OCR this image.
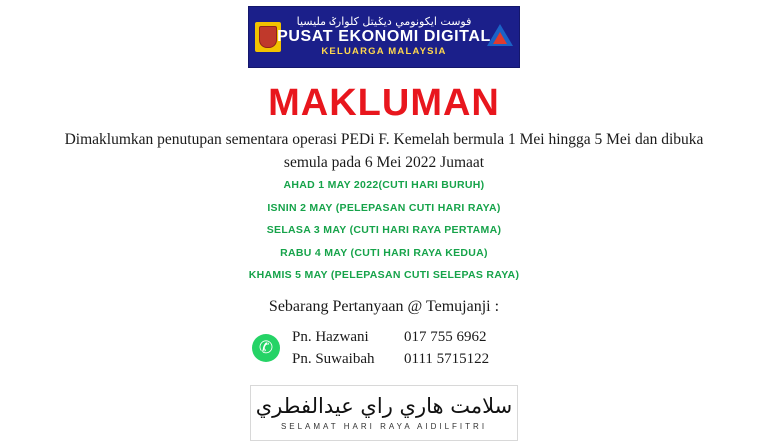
فوست ايكونومي ديݢيتل كلوارݢ مليسيا
PUSAT EKONOMI DIGITAL
KELUARGA MALAYSIA
MAKLUMAN
Dimaklumkan penutupan sementara operasi PEDi F. Kemelah bermula 1 Mei hingga 5 Mei dan dibuka semula pada 6 Mei 2022 Jumaat
AHAD 1 MAY 2022(CUTI HARI BURUH)
ISNIN 2 MAY (PELEPASAN CUTI HARI RAYA)
SELASA 3 MAY (CUTI HARI RAYA PERTAMA)
RABU 4 MAY (CUTI HARI RAYA KEDUA)
KHAMIS 5 MAY (PELEPASAN CUTI SELEPAS RAYA)
Sebarang Pertanyaan @ Temujanji :
✆
Pn. Hazwani	017 755 6962
Pn. Suwaibah	0111 5715122
سلامت هاري راي عيدالفطري
SELAMAT HARI RAYA AIDILFITRI
